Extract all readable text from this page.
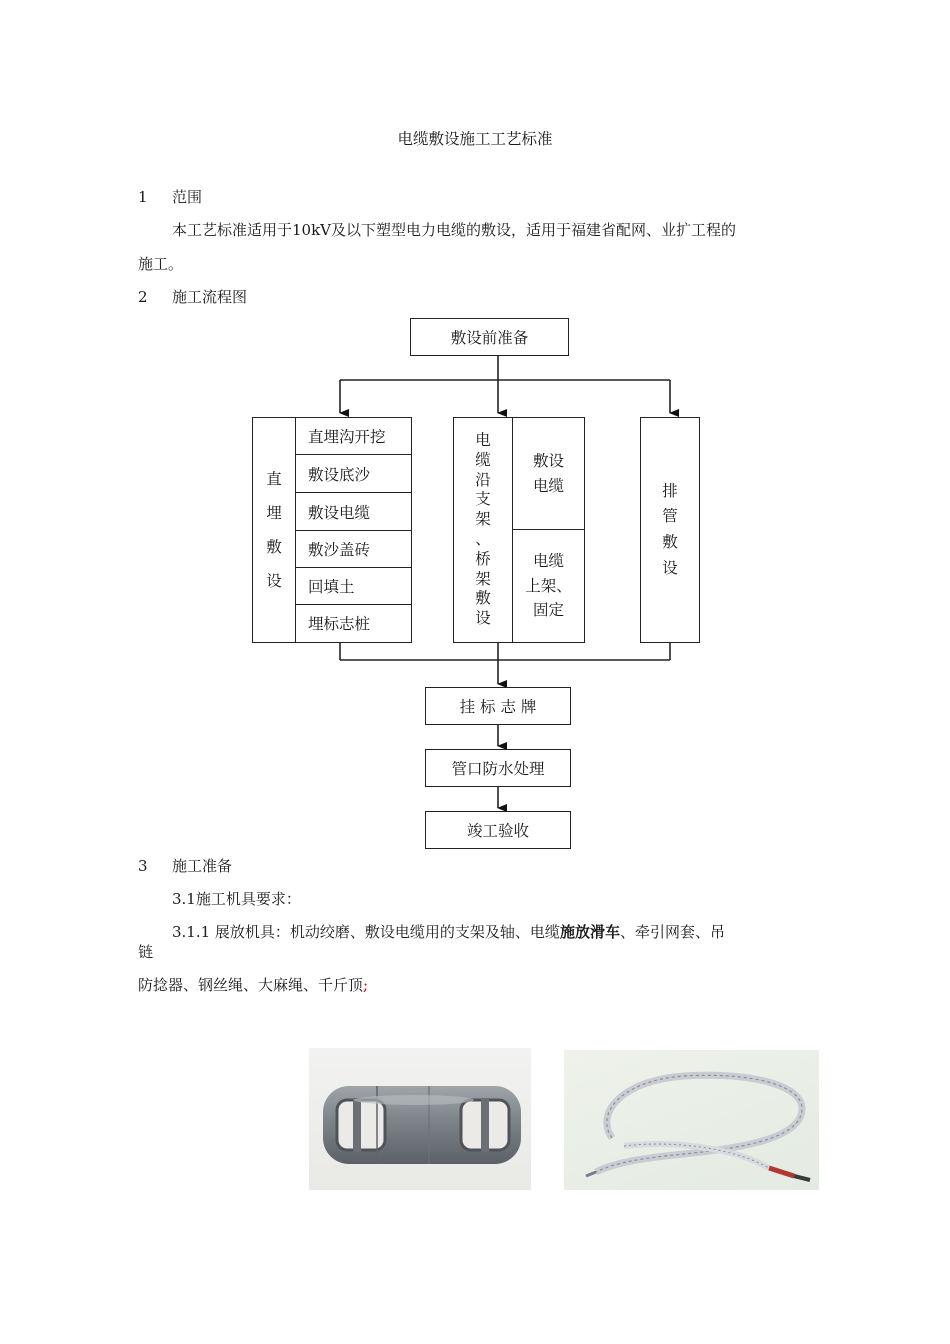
电缆敷设施工工艺标准
1 范围
本工艺标准适用于10kV及以下塑型电力电缆的敷设，适用于福建省配网、业扩工程的
施工。
2 施工流程图
敷设前准备
直
埋
敷
设
直埋沟开挖
敷设底沙
敷设电缆
敷沙盖砖
回填土
埋标志桩
电
缆
沿
支
架
、
桥
架
敷
设
敷设
电缆
电缆
上架、
固定
排
管
敷
设
挂 标 志 牌
管口防水处理
竣工验收
3 施工准备
3.1施工机具要求：
3.1.1 展放机具：机动绞磨、敷设电缆用的支架及轴、电缆施放滑车、牵引网套、吊
链
防捻器、钢丝绳、大麻绳、千斤顶;
